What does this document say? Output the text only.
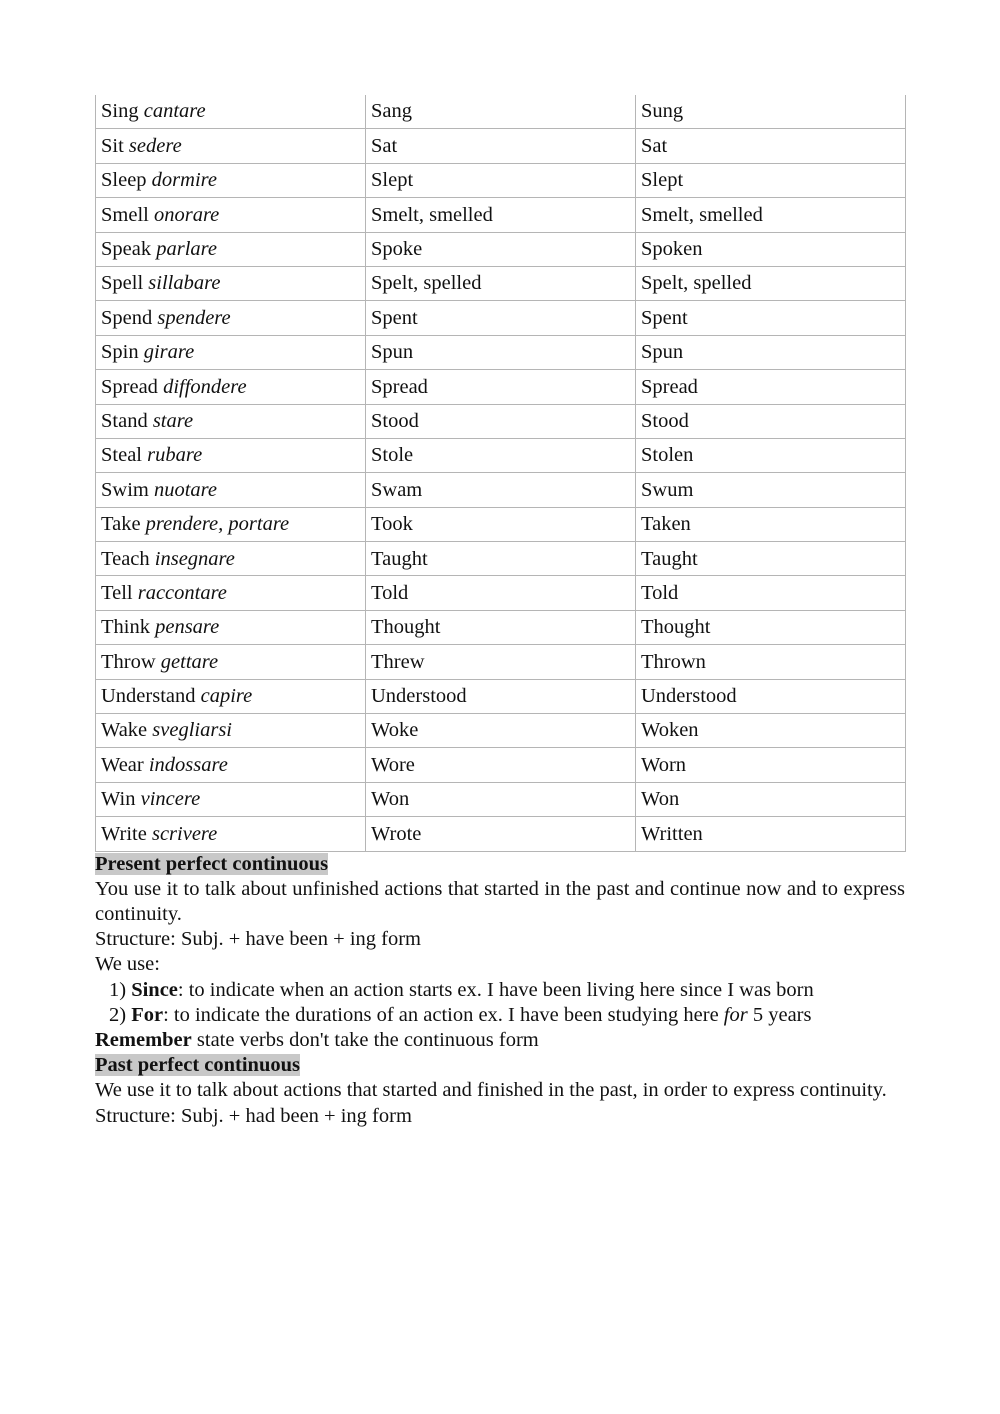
Sing cantare	Sang	Sung
Sit sedere	Sat	Sat
Sleep dormire	Slept	Slept
Smell onorare	Smelt, smelled	Smelt, smelled
Speak parlare	Spoke	Spoken
Spell sillabare	Spelt, spelled	Spelt, spelled
Spend spendere	Spent	Spent
Spin girare	Spun	Spun
Spread diffondere	Spread	Spread
Stand stare	Stood	Stood
Steal rubare	Stole	Stolen
Swim nuotare	Swam	Swum
Take prendere, portare	Took	Taken
Teach insegnare	Taught	Taught
Tell raccontare	Told	Told
Think pensare	Thought	Thought
Throw gettare	Threw	Thrown
Understand capire	Understood	Understood
Wake svegliarsi	Woke	Woken
Wear indossare	Wore	Worn
Win vincere	Won	Won
Write scrivere	Wrote	Written
Present perfect continuous
You use it to talk about unfinished actions that started in the past and continue now and to express continuity.
Structure: Subj. + have been + ing form
We use:
1) Since: to indicate when an action starts ex. I have been living here since I was born
2) For: to indicate the durations of an action ex. I have been studying here for 5 years
Remember state verbs don't take the continuous form
Past perfect continuous
We use it to talk about actions that started and finished in the past, in order to express continuity.
Structure: Subj. + had been + ing form
